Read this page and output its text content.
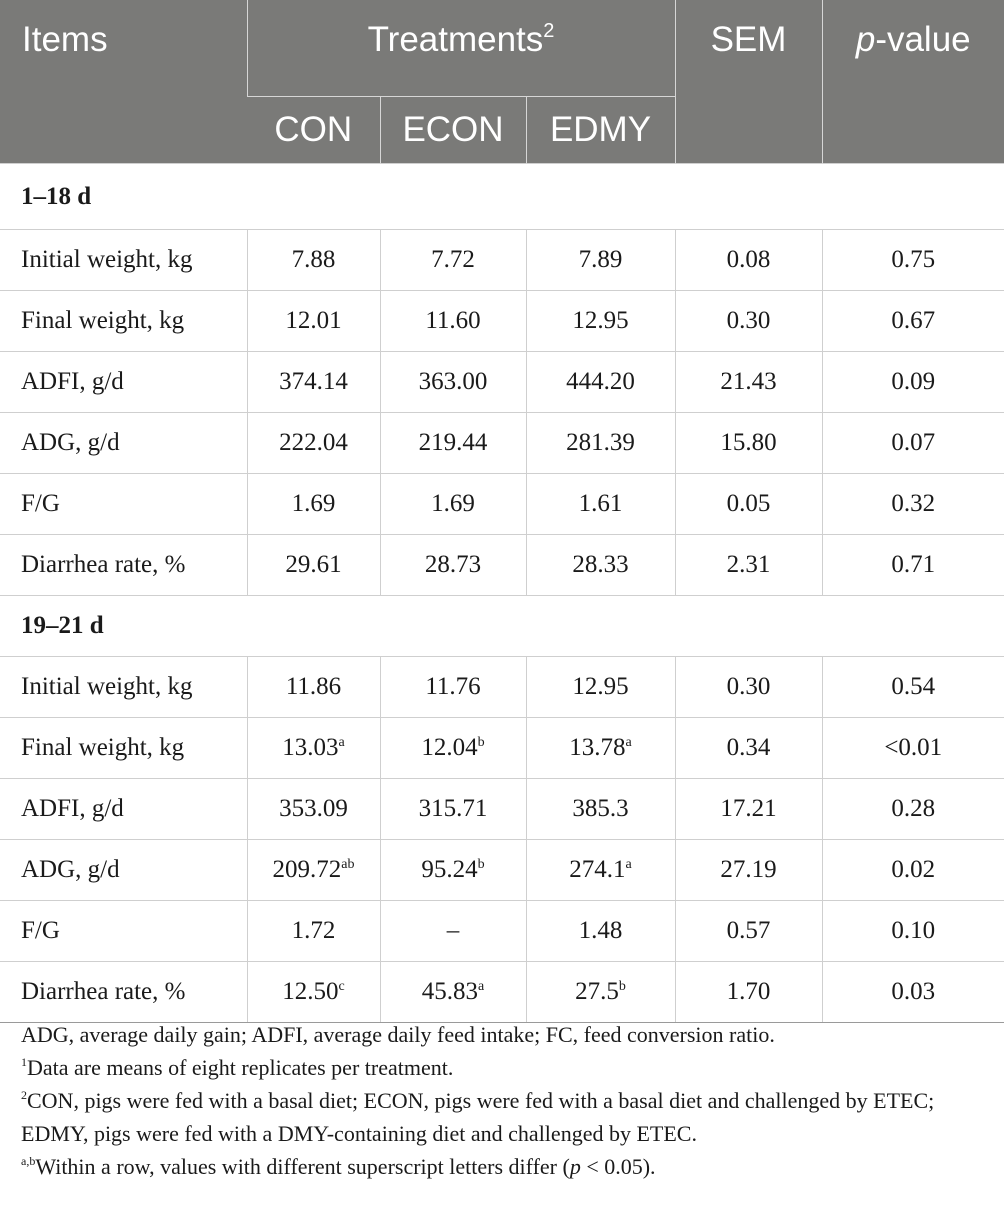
Items	Treatments$^2$			SEM	p-value
	CON	ECON	EDMY		
1–18 d					
Initial weight, kg	7.88	7.72	7.89	0.08	0.75
Final weight, kg	12.01	11.60	12.95	0.30	0.67
ADFI, g/d	374.14	363.00	444.20	21.43	0.09
ADG, g/d	222.04	219.44	281.39	15.80	0.07
F/G	1.69	1.69	1.61	0.05	0.32
Diarrhea rate, %	29.61	28.73	28.33	2.31	0.71
19–21 d					
Initial weight, kg	11.86	11.76	12.95	0.30	0.54
Final weight, kg	13.03$^a$	12.04$^b$	13.78$^a$	0.34	<0.01
ADFI, g/d	353.09	315.71	385.3	17.21	0.28
ADG, g/d	209.72$^{ab}$	95.24$^b$	274.1$^a$	27.19	0.02
F/G	1.72	–	1.48	0.57	0.10
Diarrhea rate, %	12.50$^c$	45.83$^a$	27.5$^b$	1.70	0.03

ADG, average daily gain; ADFI, average daily feed intake; FC, feed conversion ratio.

$^1$Data are means of eight replicates per treatment.

$^2$CON, pigs were fed with a basal diet; ECON, pigs were fed with a basal diet and challenged by ETEC; EDMY, pigs were fed with a DMY-containing diet and challenged by ETEC.

$^{a,b}$Within a row, values with different superscript letters differ (p < 0.05).
